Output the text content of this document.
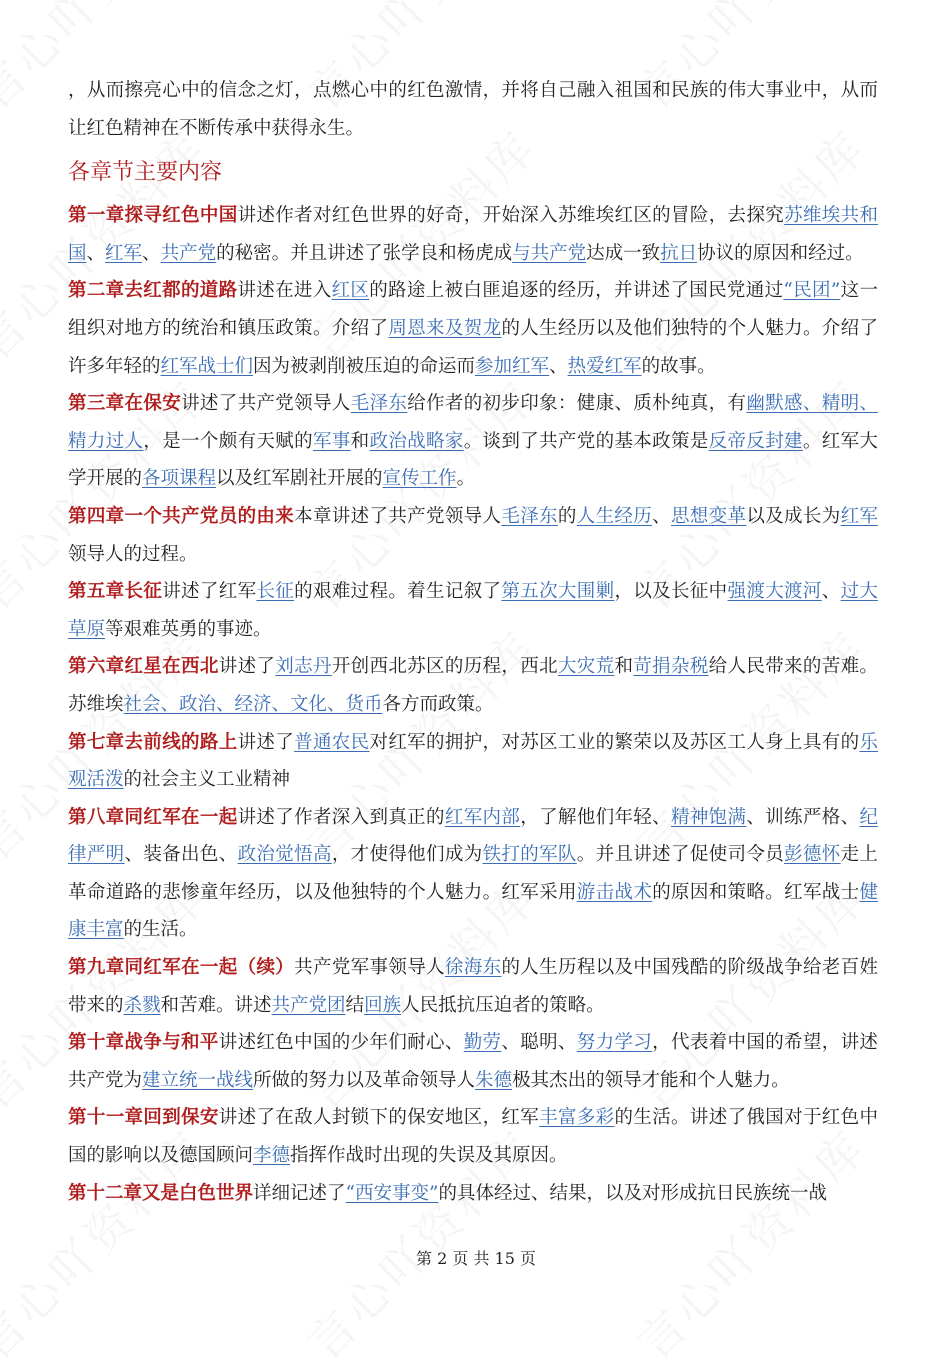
，从而擦亮心中的信念之灯，点燃心中的红色激情，并将自己融入祖国和民族的伟大事业中，从而让红色精神在不断传承中获得永生。

各章节主要内容

第一章探寻红色中国讲述作者对红色世界的好奇，开始深入苏维埃红区的冒险，去探究苏维埃共和国、红军、共产党的秘密。并且讲述了张学良和杨虎成与共产党达成一致抗日协议的原因和经过。

第二章去红都的道路讲述在进入红区的路途上被白匪追逐的经历，并讲述了国民党通过“民团”这一组织对地方的统治和镇压政策。介绍了周恩来及贺龙的人生经历以及他们独特的个人魅力。介绍了许多年轻的红军战士们因为被剥削被压迫的命运而参加红军、热爱红军的故事。

第三章在保安讲述了共产党领导人毛泽东给作者的初步印象：健康、质朴纯真，有幽默感、精明、精力过人，是一个颇有天赋的军事和政治战略家。谈到了共产党的基本政策是反帝反封建。红军大学开展的各项课程以及红军剧社开展的宣传工作。

第四章一个共产党员的由来本章讲述了共产党领导人毛泽东的人生经历、思想变革以及成长为红军领导人的过程。

第五章长征讲述了红军长征的艰难过程。着生记叙了第五次大围剿，以及长征中强渡大渡河、过大草原等艰难英勇的事迹。

第六章红星在西北讲述了刘志丹开创西北苏区的历程，西北大灾荒和苛捐杂税给人民带来的苦难。苏维埃社会、政治、经济、文化、货币各方而政策。

第七章去前线的路上讲述了普通农民对红军的拥护，对苏区工业的繁荣以及苏区工人身上具有的乐观活泼的社会主义工业精神

第八章同红军在一起讲述了作者深入到真正的红军内部，了解他们年轻、精神饱满、训练严格、纪律严明、装备出色、政治觉悟高，才使得他们成为铁打的军队。并且讲述了促使司令员彭德怀走上革命道路的悲惨童年经历，以及他独特的个人魅力。红军采用游击战术的原因和策略。红军战士健康丰富的生活。

第九章同红军在一起（续）共产党军事领导人徐海东的人生历程以及中国残酷的阶级战争给老百姓带来的杀戮和苦难。讲述共产党团结回族人民抵抗压迫者的策略。

第十章战争与和平讲述红色中国的少年们耐心、勤劳、聪明、努力学习，代表着中国的希望，讲述共产党为建立统一战线所做的努力以及革命领导人朱德极其杰出的领导才能和个人魅力。

第十一章回到保安讲述了在敌人封锁下的保安地区，红军丰富多彩的生活。讲述了俄国对于红色中国的影响以及德国顾问李德指挥作战时出现的失误及其原因。

第十二章又是白色世界详细记述了“西安事变”的具体经过、结果，以及对形成抗日民族统一战

第 2 页 共 15 页
